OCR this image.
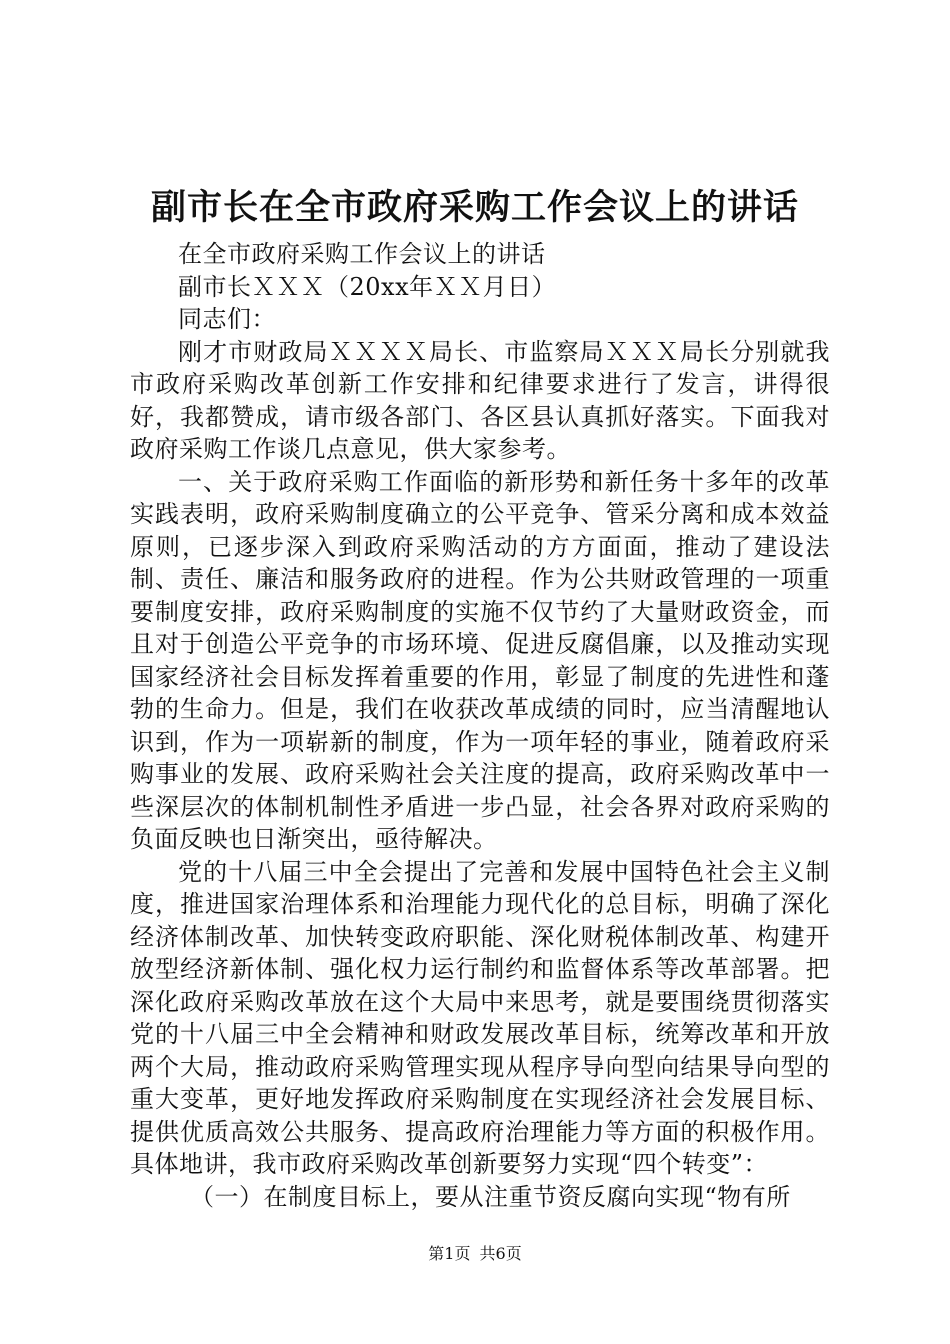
副市长在全市政府采购工作会议上的讲话

在全市政府采购工作会议上的讲话

副市长ＸＸＸ（20xx年ＸＸ月日）

同志们：

刚才市财政局ＸＸＸＸ局长、市监察局ＸＸＸ局长分别就我市政府采购改革创新工作安排和纪律要求进行了发言，讲得很好，我都赞成，请市级各部门、各区县认真抓好落实。下面我对政府采购工作谈几点意见，供大家参考。

一、关于政府采购工作面临的新形势和新任务十多年的改革实践表明，政府采购制度确立的公平竞争、管采分离和成本效益原则，已逐步深入到政府采购活动的方方面面，推动了建设法制、责任、廉洁和服务政府的进程。作为公共财政管理的一项重要制度安排，政府采购制度的实施不仅节约了大量财政资金，而且对于创造公平竞争的市场环境、促进反腐倡廉，以及推动实现国家经济社会目标发挥着重要的作用，彰显了制度的先进性和蓬勃的生命力。但是，我们在收获改革成绩的同时，应当清醒地认识到，作为一项崭新的制度，作为一项年轻的事业，随着政府采购事业的发展、政府采购社会关注度的提高，政府采购改革中一些深层次的体制机制性矛盾进一步凸显，社会各界对政府采购的负面反映也日渐突出，亟待解决。

党的十八届三中全会提出了完善和发展中国特色社会主义制度，推进国家治理体系和治理能力现代化的总目标，明确了深化经济体制改革、加快转变政府职能、深化财税体制改革、构建开放型经济新体制、强化权力运行制约和监督体系等改革部署。把深化政府采购改革放在这个大局中来思考，就是要围绕贯彻落实党的十八届三中全会精神和财政发展改革目标，统筹改革和开放两个大局，推动政府采购管理实现从程序导向型向结果导向型的重大变革，更好地发挥政府采购制度在实现经济社会发展目标、提供优质高效公共服务、提高政府治理能力等方面的积极作用。具体地讲，我市政府采购改革创新要努力实现“四个转变”：

（一）在制度目标上，要从注重节资反腐向实现“物有所

第1页 共6页
